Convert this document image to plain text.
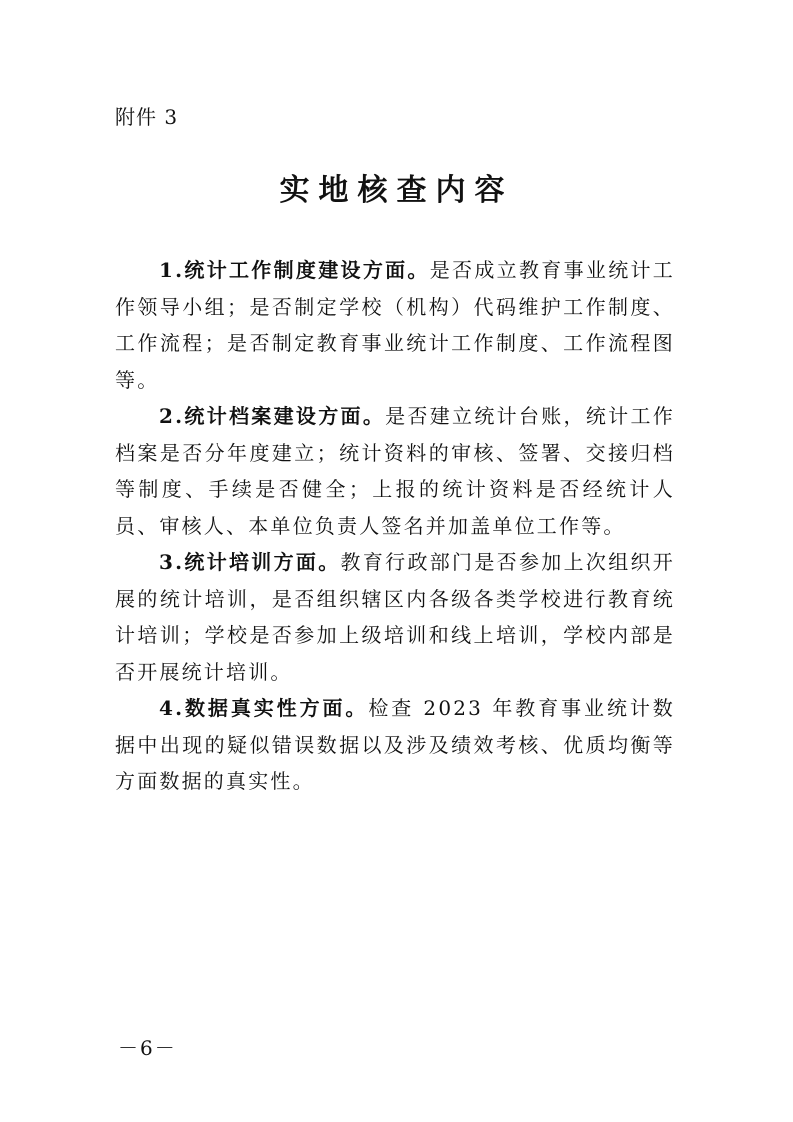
附件 3
实地核查内容

1.统计工作制度建设方面。是否成立教育事业统计工作领导小组；是否制定学校（机构）代码维护工作制度、工作流程；是否制定教育事业统计工作制度、工作流程图等。

2.统计档案建设方面。是否建立统计台账，统计工作档案是否分年度建立；统计资料的审核、签署、交接归档等制度、手续是否健全；上报的统计资料是否经统计人员、审核人、本单位负责人签名并加盖单位工作等。

3.统计培训方面。教育行政部门是否参加上次组织开展的统计培训，是否组织辖区内各级各类学校进行教育统计培训；学校是否参加上级培训和线上培训，学校内部是否开展统计培训。

4.数据真实性方面。检查 2023 年教育事业统计数据中出现的疑似错误数据以及涉及绩效考核、优质均衡等方面数据的真实性。

－6－
